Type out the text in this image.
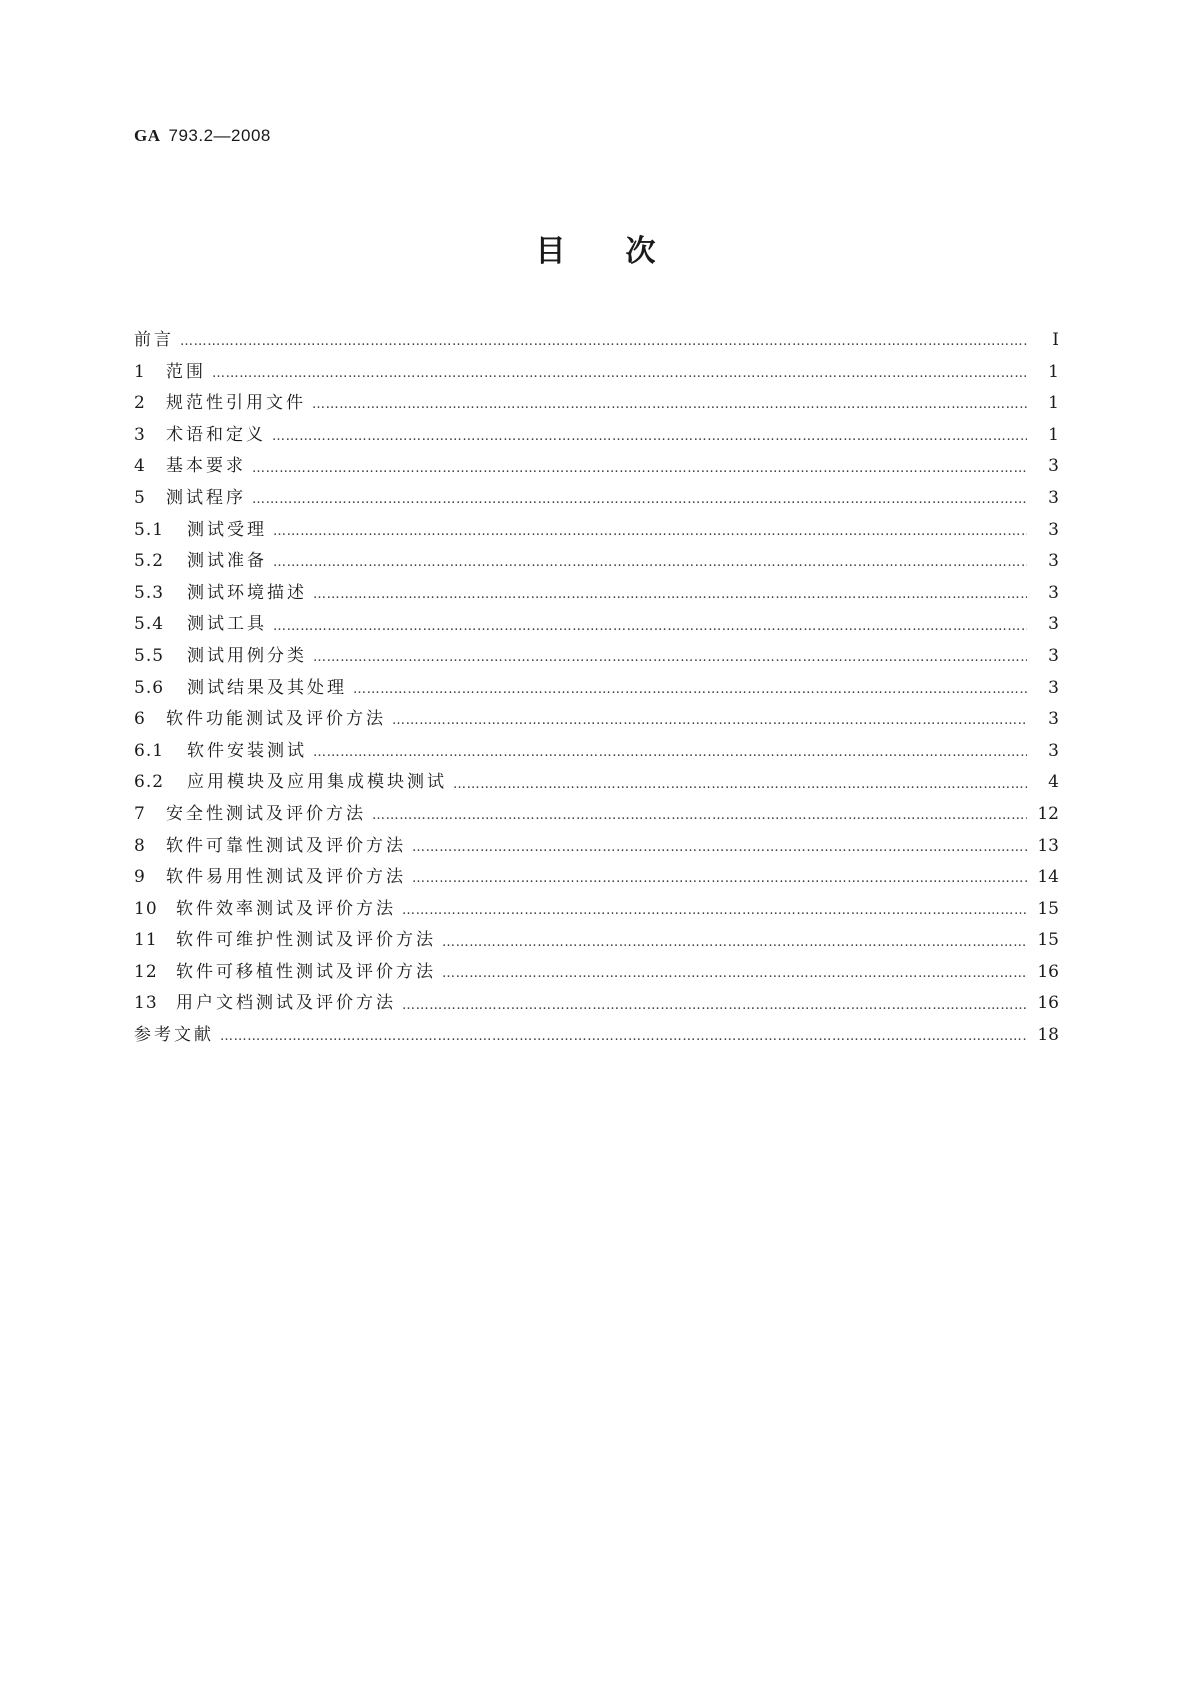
GA 793.2—2008
目次
前言 …………………………………………………………………………………………………………………………………………………………………………………………………………	Ⅰ
1	范围 …………………………………………………………………………………………………………………………………………………………………………………………………………	1
2	规范性引用文件 …………………………………………………………………………………………………………………………………………………………………………………………………………	1
3	术语和定义 …………………………………………………………………………………………………………………………………………………………………………………………………………	1
4	基本要求 …………………………………………………………………………………………………………………………………………………………………………………………………………	3
5	测试程序 …………………………………………………………………………………………………………………………………………………………………………………………………………	3
5.1	测试受理 …………………………………………………………………………………………………………………………………………………………………………………………………………	3
5.2	测试准备 …………………………………………………………………………………………………………………………………………………………………………………………………………	3
5.3	测试环境描述 …………………………………………………………………………………………………………………………………………………………………………………………………………	3
5.4	测试工具 …………………………………………………………………………………………………………………………………………………………………………………………………………	3
5.5	测试用例分类 …………………………………………………………………………………………………………………………………………………………………………………………………………	3
5.6	测试结果及其处理 …………………………………………………………………………………………………………………………………………………………………………………………………………	3
6	软件功能测试及评价方法 …………………………………………………………………………………………………………………………………………………………………………………………………………	3
6.1	软件安装测试 …………………………………………………………………………………………………………………………………………………………………………………………………………	3
6.2	应用模块及应用集成模块测试 …………………………………………………………………………………………………………………………………………………………………………………………………………	4
7	安全性测试及评价方法 …………………………………………………………………………………………………………………………………………………………………………………………………………	12
8	软件可靠性测试及评价方法 …………………………………………………………………………………………………………………………………………………………………………………………………………	13
9	软件易用性测试及评价方法 …………………………………………………………………………………………………………………………………………………………………………………………………………	14
10	软件效率测试及评价方法 …………………………………………………………………………………………………………………………………………………………………………………………………………	15
11	软件可维护性测试及评价方法 …………………………………………………………………………………………………………………………………………………………………………………………………………	15
12	软件可移植性测试及评价方法 …………………………………………………………………………………………………………………………………………………………………………………………………………	16
13	用户文档测试及评价方法 …………………………………………………………………………………………………………………………………………………………………………………………………………	16
参考文献 …………………………………………………………………………………………………………………………………………………………………………………………………………	18
